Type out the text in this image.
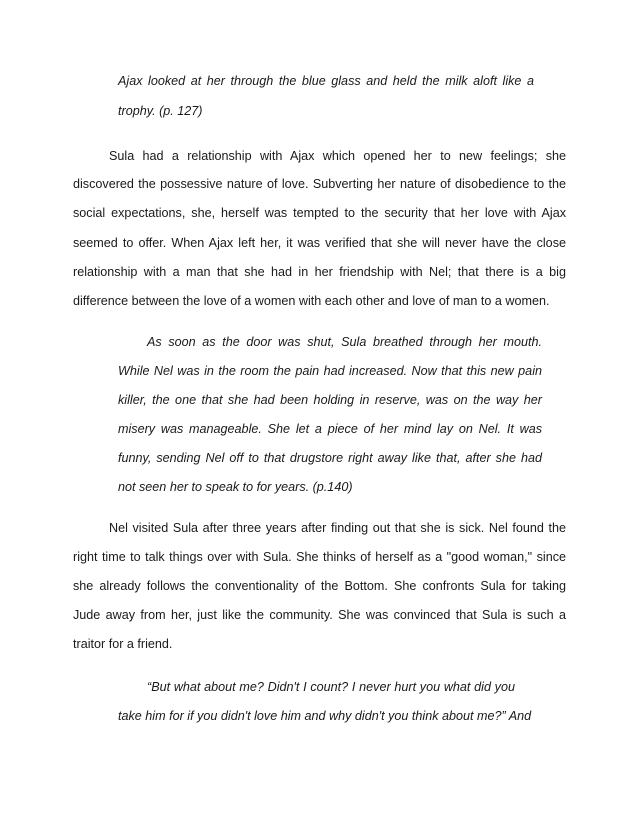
Ajax looked at her through the blue glass and held the milk aloft like a

trophy. (p. 127)

Sula had a relationship with Ajax which opened her to new feelings; she

discovered the possessive nature of love. Subverting her nature of disobedience to the

social expectations, she, herself was tempted to the security that her love with Ajax

seemed to offer. When Ajax left her, it was verified that she will never have the close

relationship with a man that she had in her friendship with Nel; that there is a big

difference between the love of a women with each other and love of man to a women.

As soon as the door was shut, Sula breathed through her mouth.

While Nel was in the room the pain had increased. Now that this new pain

killer, the one that she had been holding in reserve, was on the way her

misery was manageable. She let a piece of her mind lay on Nel. It was

funny, sending Nel off to that drugstore right away like that, after she had

not seen her to speak to for years. (p.140)

Nel visited Sula after three years after finding out that she is sick. Nel found the

right time to talk things over with Sula. She thinks of herself as a "good woman," since

she already follows the conventionality of the Bottom. She confronts Sula for taking

Jude away from her, just like the community. She was convinced that Sula is such a

traitor for a friend.

“But what about me? Didn't I count? I never hurt you what did you

take him for if you didn't love him and why didn't you think about me?” And
